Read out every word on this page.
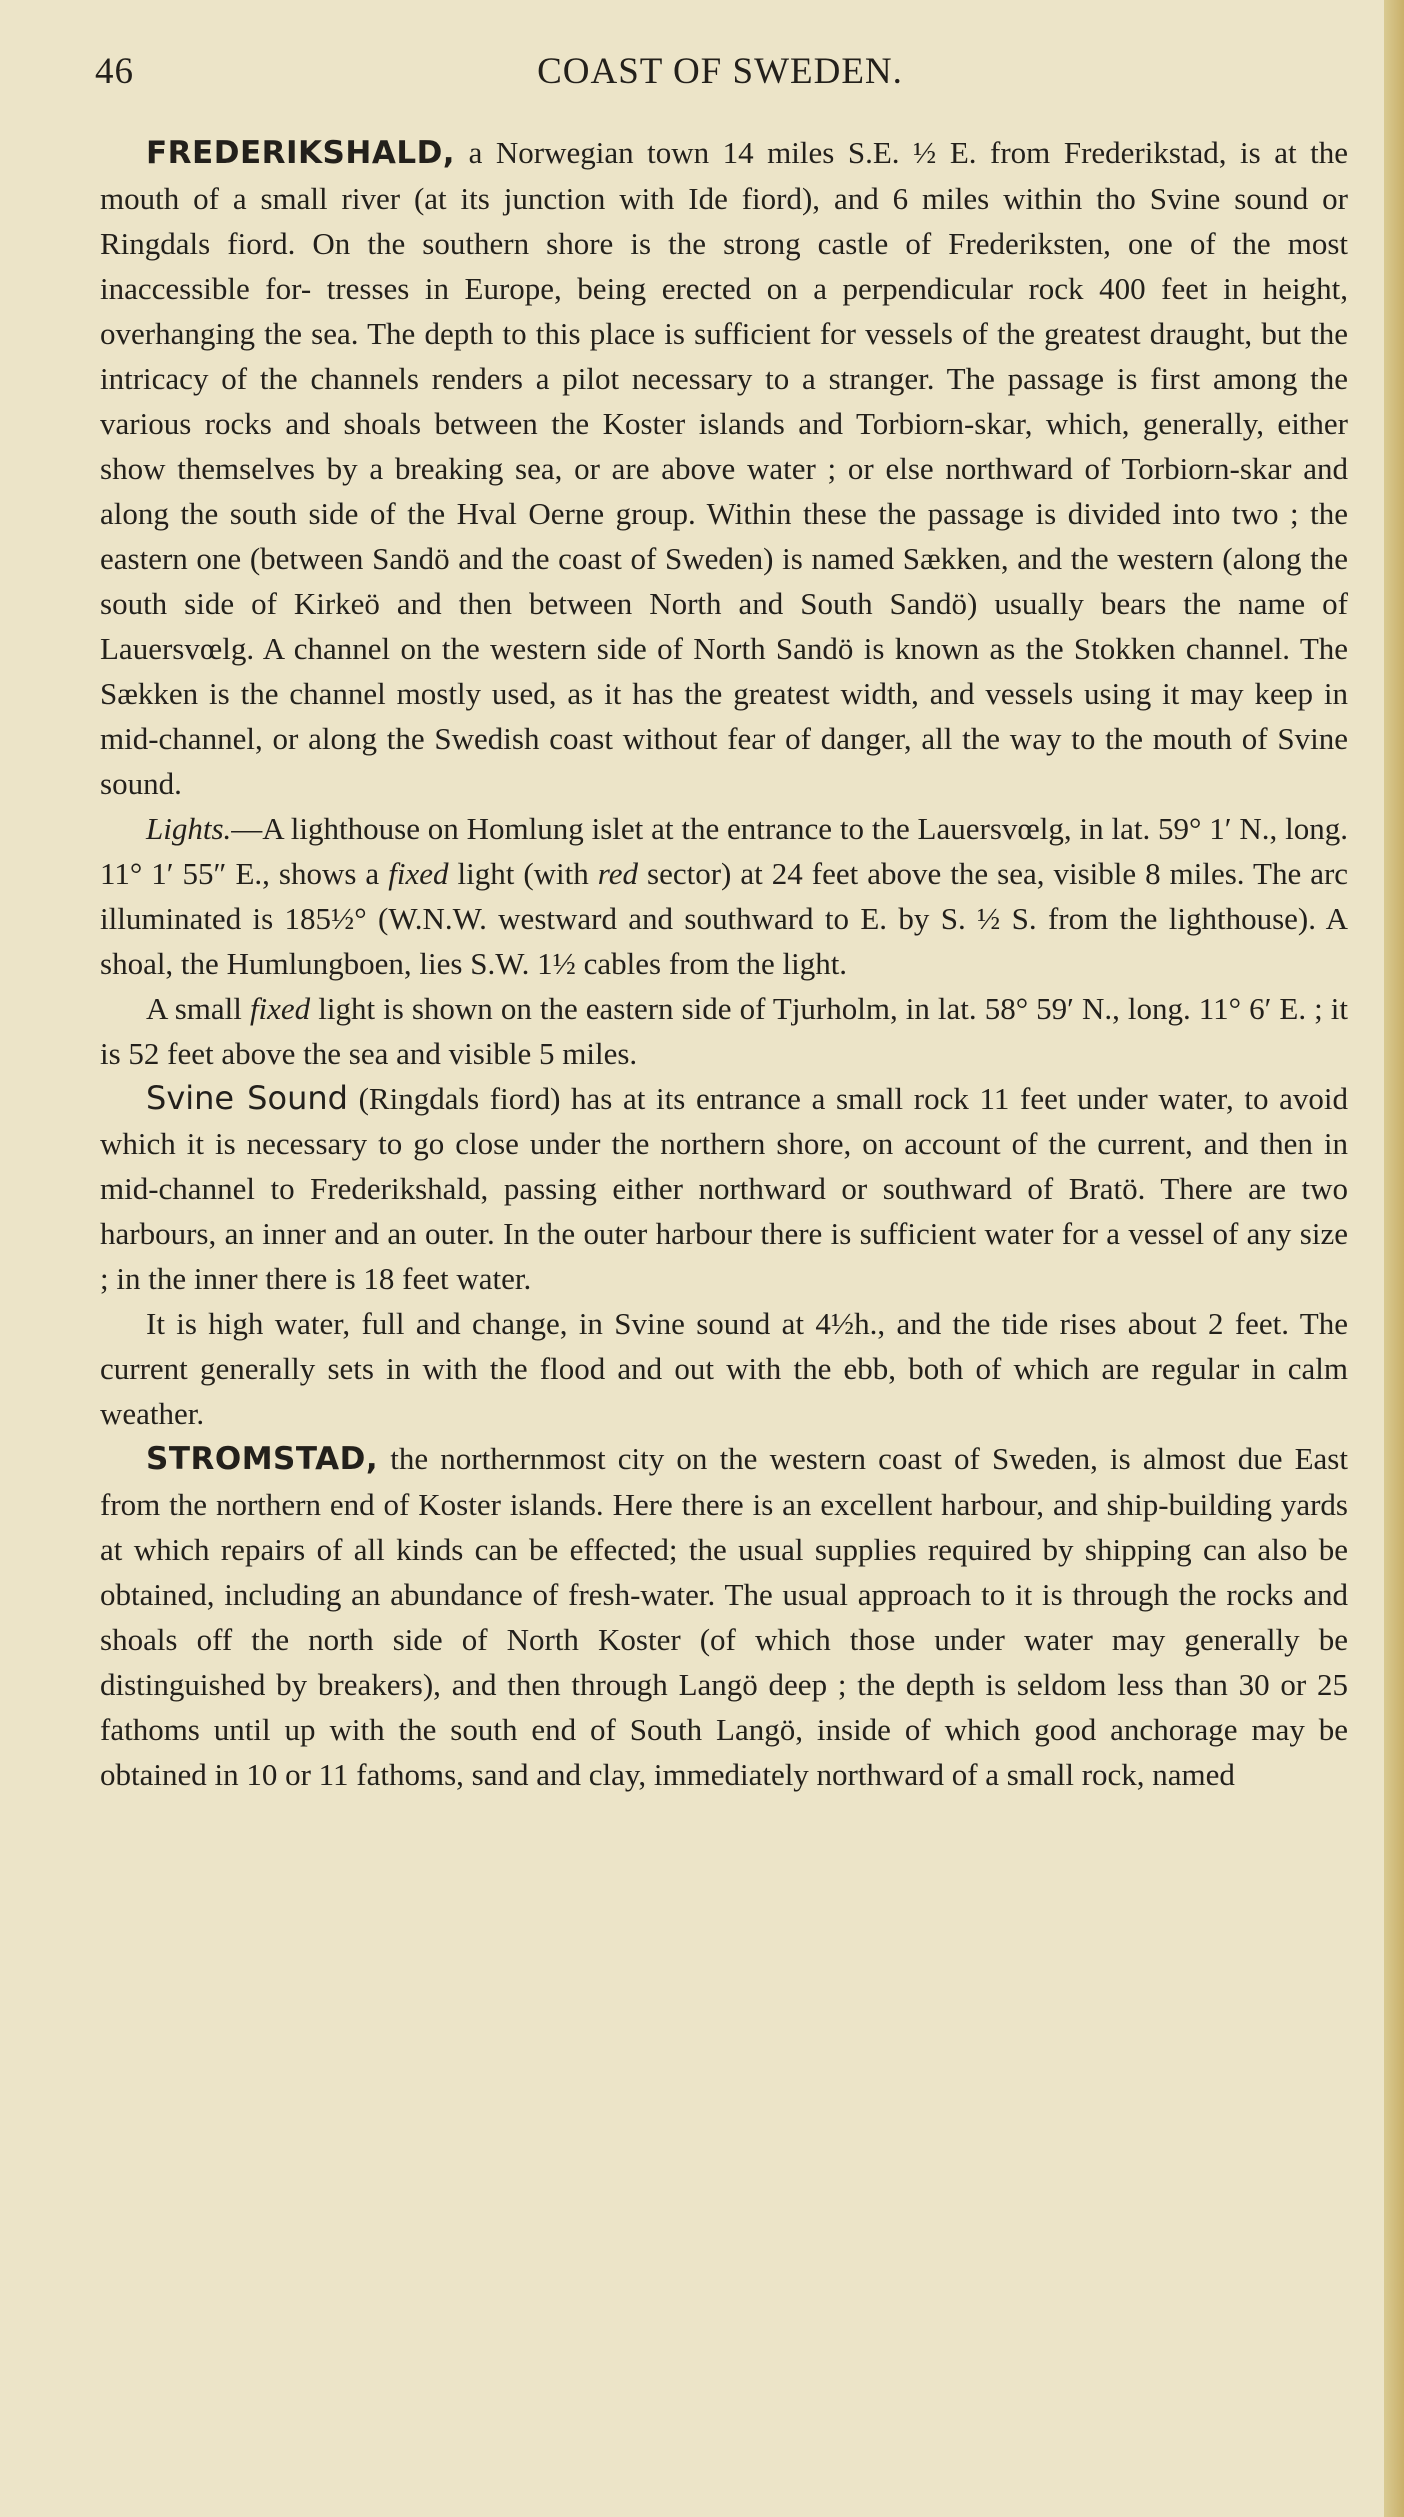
46	COAST OF SWEDEN.

FREDERIKSHALD, a Norwegian town 14 miles S.E. ½ E. from Frederikstad, is at the mouth of a small river (at its junction with Ide fiord), and 6 miles within tho Svine sound or Ringdals fiord. On the southern shore is the strong castle of Frederiksten, one of the most inaccessible for- tresses in Europe, being erected on a perpendicular rock 400 feet in height, overhanging the sea. The depth to this place is sufficient for vessels of the greatest draught, but the intricacy of the channels renders a pilot necessary to a stranger. The passage is first among the various rocks and shoals between the Koster islands and Torbiorn-skar, which, generally, either show themselves by a breaking sea, or are above water ; or else northward of Torbiorn-skar and along the south side of the Hval Oerne group. Within these the passage is divided into two ; the eastern one (between Sandö and the coast of Sweden) is named Sækken, and the western (along the south side of Kirkeö and then between North and South Sandö) usually bears the name of Lauersvœlg. A channel on the western side of North Sandö is known as the Stokken channel. The Sækken is the channel mostly used, as it has the greatest width, and vessels using it may keep in mid-channel, or along the Swedish coast without fear of danger, all the way to the mouth of Svine sound.

Lights.—A lighthouse on Homlung islet at the entrance to the Lauersvœlg, in lat. 59° 1′ N., long. 11° 1′ 55″ E., shows a fixed light (with red sector) at 24 feet above the sea, visible 8 miles. The arc illuminated is 185½° (W.N.W. westward and southward to E. by S. ½ S. from the lighthouse). A shoal, the Humlungboen, lies S.W. 1½ cables from the light.

A small fixed light is shown on the eastern side of Tjurholm, in lat. 58° 59′ N., long. 11° 6′ E. ; it is 52 feet above the sea and visible 5 miles.

Svine Sound (Ringdals fiord) has at its entrance a small rock 11 feet under water, to avoid which it is necessary to go close under the northern shore, on account of the current, and then in mid-channel to Frederikshald, passing either northward or southward of Bratö. There are two harbours, an inner and an outer. In the outer harbour there is sufficient water for a vessel of any size ; in the inner there is 18 feet water.

It is high water, full and change, in Svine sound at 4½h., and the tide rises about 2 feet. The current generally sets in with the flood and out with the ebb, both of which are regular in calm weather.

STROMSTAD, the northernmost city on the western coast of Sweden, is almost due East from the northern end of Koster islands. Here there is an excellent harbour, and ship-building yards at which repairs of all kinds can be effected; the usual supplies required by shipping can also be obtained, including an abundance of fresh-water. The usual approach to it is through the rocks and shoals off the north side of North Koster (of which those under water may generally be distinguished by breakers), and then through Langö deep ; the depth is seldom less than 30 or 25 fathoms until up with the south end of South Langö, inside of which good anchorage may be obtained in 10 or 11 fathoms, sand and clay, immediately northward of a small rock, named
